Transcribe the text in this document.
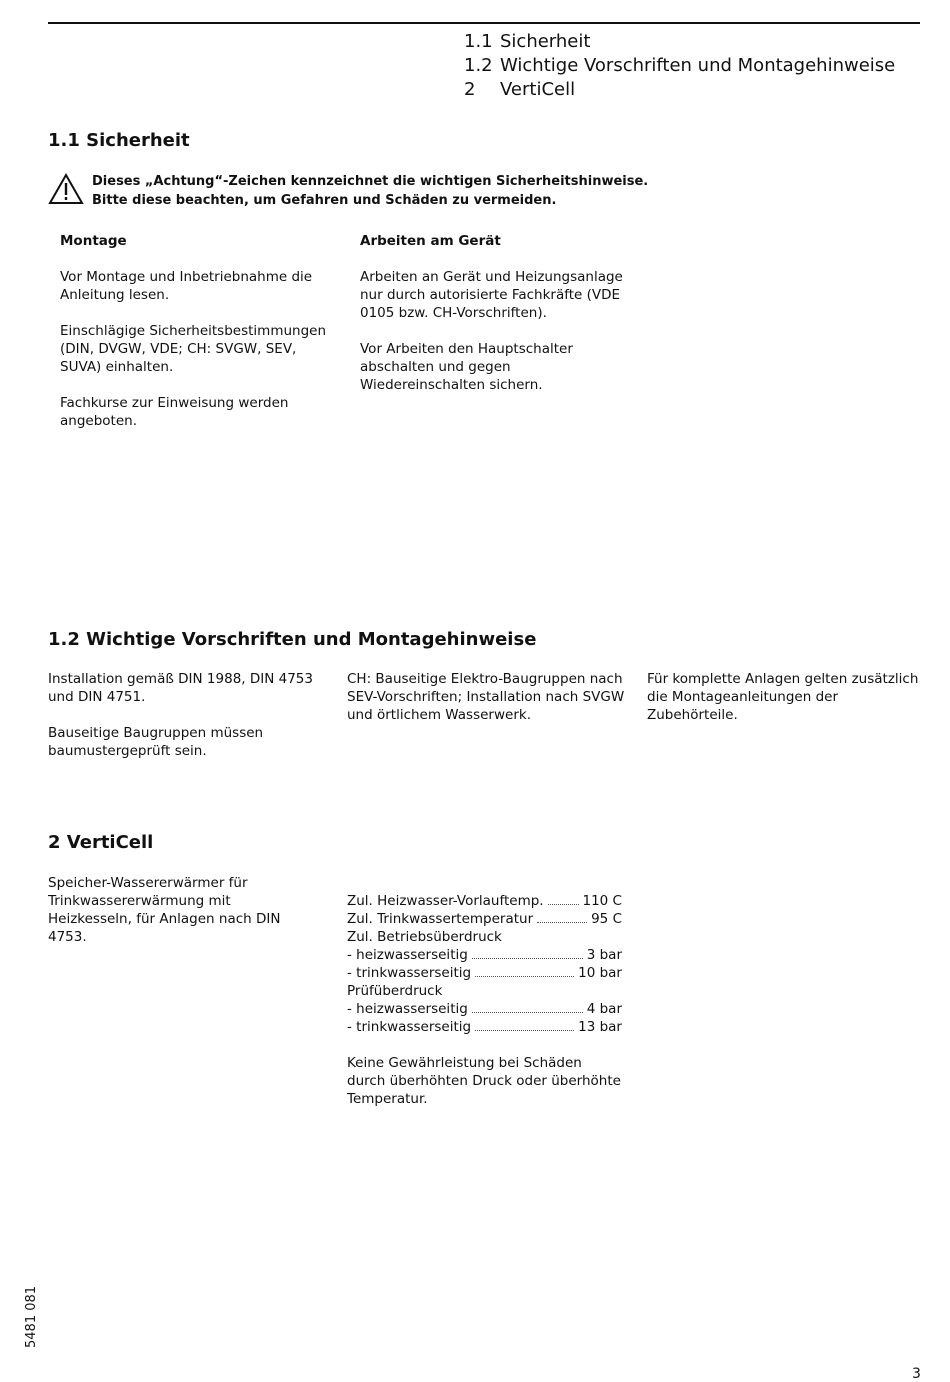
1.1 Sicherheit
1.2 Wichtige Vorschriften und Montagehinweise
2	VertiCell
1.1 Sicherheit
Dieses „Achtung“-Zeichen kennzeichnet die wichtigen Sicherheitshinweise.
Bitte diese beachten, um Gefahren und Schäden zu vermeiden.
Montage
Vor Montage und Inbetriebnahme die Anleitung lesen.

Einschlägige Sicherheitsbestimmungen (DIN, DVGW, VDE; CH: SVGW, SEV, SUVA) einhalten.

Fachkurse zur Einweisung werden angeboten.
Arbeiten am Gerät
Arbeiten an Gerät und Heizungsanlage nur durch autorisierte Fachkräfte (VDE 0105 bzw. CH-Vorschriften).

Vor Arbeiten den Hauptschalter abschalten und gegen Wiedereinschalten sichern.
1.2 Wichtige Vorschriften und Montagehinweise
Installation gemäß DIN 1988, DIN 4753 und DIN 4751.

Bauseitige Baugruppen müssen baumustergeprüft sein.
CH: Bauseitige Elektro-Baugruppen nach SEV-Vorschriften; Installation nach SVGW und örtlichem Wasserwerk.
Für komplette Anlagen gelten zusätzlich die Montageanleitungen der Zubehörteile.
2 VertiCell
Speicher-Wassererwärmer für Trinkwassererwärmung mit Heizkesseln, für Anlagen nach DIN 4753.
Zul. Heizwasser-Vorlauftemp.	110 C
Zul. Trinkwassertemperatur	95 C
Zul. Betriebsüberdruck
- heizwasserseitig	3 bar
- trinkwasserseitig	10 bar
Prüfüberdruck
- heizwasserseitig	4 bar
- trinkwasserseitig	13 bar
Keine Gewährleistung bei Schäden durch überhöhten Druck oder überhöhte Temperatur.
5481 081
3
